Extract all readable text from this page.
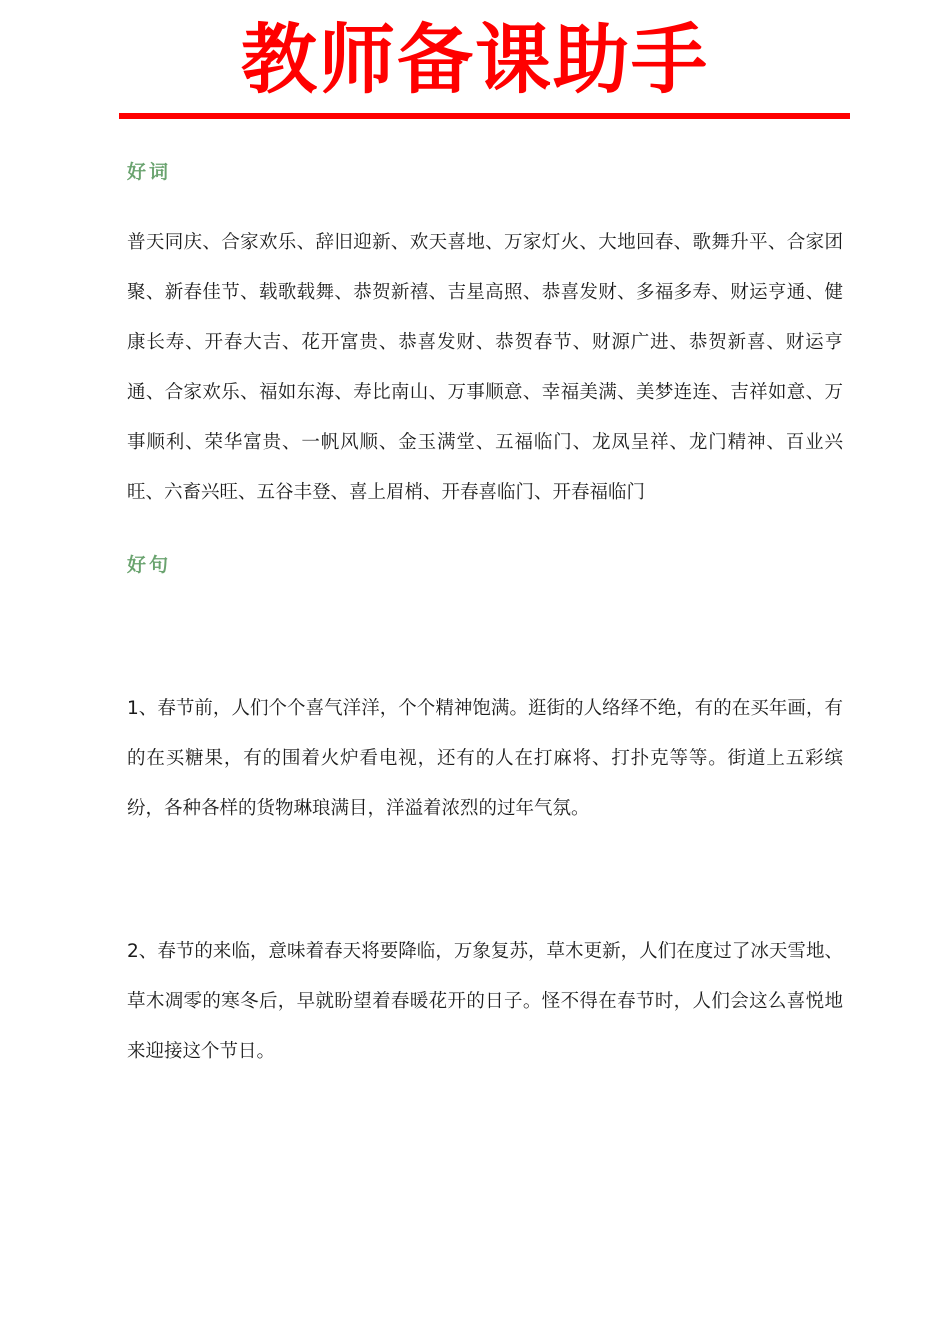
教师备课助手
好词

普天同庆、合家欢乐、辞旧迎新、欢天喜地、万家灯火、大地回春、歌舞升平、合家团聚、新春佳节、载歌载舞、恭贺新禧、吉星高照、恭喜发财、多福多寿、财运亨通、健康长寿、开春大吉、花开富贵、恭喜发财、恭贺春节、财源广进、恭贺新喜、财运亨通、合家欢乐、福如东海、寿比南山、万事顺意、幸福美满、美梦连连、吉祥如意、万事顺利、荣华富贵、一帆风顺、金玉满堂、五福临门、龙凤呈祥、龙门精神、百业兴旺、六畜兴旺、五谷丰登、喜上眉梢、开春喜临门、开春福临门

好句

1、春节前，人们个个喜气洋洋，个个精神饱满。逛街的人络绎不绝，有的在买年画，有的在买糖果，有的围着火炉看电视，还有的人在打麻将、打扑克等等。街道上五彩缤纷，各种各样的货物琳琅满目，洋溢着浓烈的过年气氛。

2、春节的来临，意味着春天将要降临，万象复苏，草木更新，人们在度过了冰天雪地、草木凋零的寒冬后，早就盼望着春暖花开的日子。怪不得在春节时，人们会这么喜悦地来迎接这个节日。
